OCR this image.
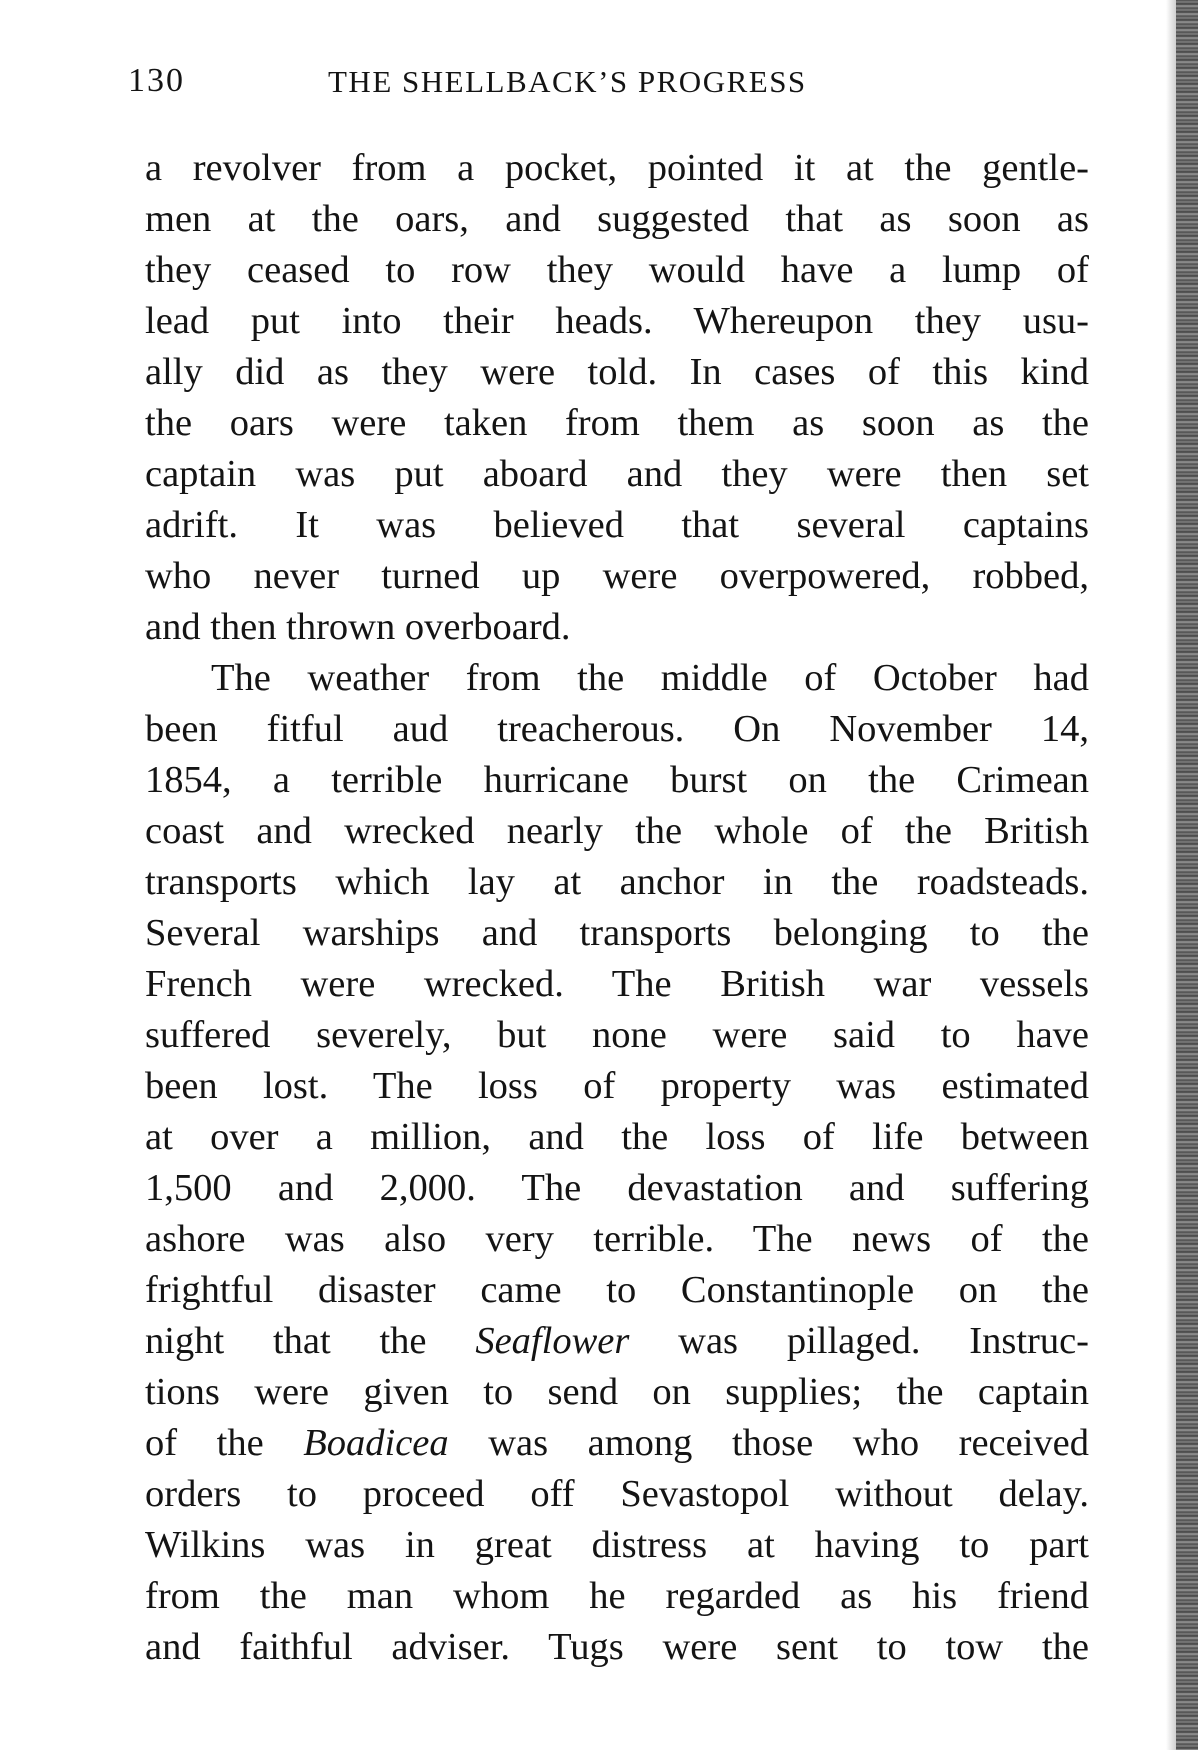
130	THE SHELLBACK’S PROGRESS
a revolver from a pocket, pointed it at the gentle-
men at the oars, and suggested that as soon as
they ceased to row they would have a lump of
lead put into their heads. Whereupon they usu-
ally did as they were told. In cases of this kind
the oars were taken from them as soon as the
captain was put aboard and they were then set
adrift. It was believed that several captains
who never turned up were overpowered, robbed,
and then thrown overboard.
The weather from the middle of October had
been fitful aud treacherous. On November 14,
1854, a terrible hurricane burst on the Crimean
coast and wrecked nearly the whole of the British
transports which lay at anchor in the roadsteads.
Several warships and transports belonging to the
French were wrecked. The British war vessels
suffered severely, but none were said to have
been lost. The loss of property was estimated
at over a million, and the loss of life between
1,500 and 2,000. The devastation and suffering
ashore was also very terrible. The news of the
frightful disaster came to Constantinople on the
night that the Seaflower was pillaged. Instruc-
tions were given to send on supplies; the captain
of the Boadicea was among those who received
orders to proceed off Sevastopol without delay.
Wilkins was in great distress at having to part
from the man whom he regarded as his friend
and faithful adviser. Tugs were sent to tow the
